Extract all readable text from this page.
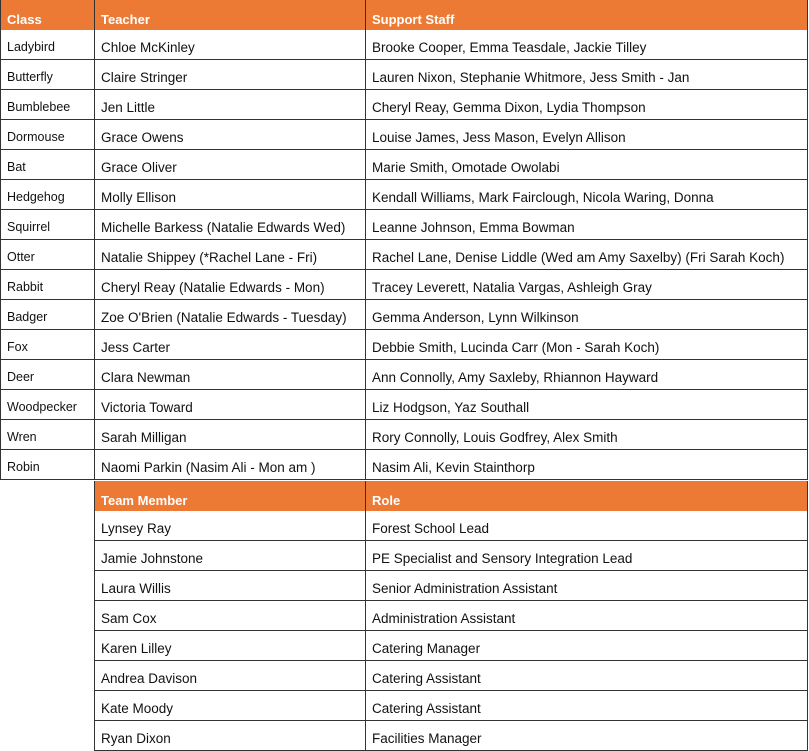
Class	Teacher	Support Staff
Ladybird	Chloe McKinley	Brooke Cooper, Emma Teasdale, Jackie Tilley
Butterfly	Claire Stringer	Lauren Nixon, Stephanie Whitmore, Jess Smith - Jan
Bumblebee	Jen Little	Cheryl Reay, Gemma Dixon, Lydia Thompson
Dormouse	Grace Owens	Louise James, Jess Mason, Evelyn Allison
Bat	Grace Oliver	Marie Smith, Omotade Owolabi
Hedgehog	Molly Ellison	Kendall Williams, Mark Fairclough, Nicola Waring, Donna
Squirrel	Michelle Barkess (Natalie Edwards Wed)	Leanne Johnson, Emma Bowman
Otter	Natalie Shippey (*Rachel Lane - Fri)	Rachel Lane, Denise Liddle (Wed am Amy Saxelby) (Fri Sarah Koch)
Rabbit	Cheryl Reay (Natalie Edwards - Mon)	Tracey Leverett, Natalia Vargas, Ashleigh Gray
Badger	Zoe O'Brien (Natalie Edwards - Tuesday)	Gemma Anderson, Lynn Wilkinson
Fox	Jess Carter	Debbie Smith, Lucinda Carr (Mon - Sarah Koch)
Deer	Clara Newman	Ann Connolly, Amy Saxleby, Rhiannon Hayward
Woodpecker	Victoria Toward	Liz Hodgson, Yaz Southall
Wren	Sarah Milligan	Rory Connolly, Louis Godfrey, Alex Smith
Robin	Naomi Parkin (Nasim Ali - Mon am )	Nasim Ali, Kevin Stainthorp
Team Member	Role
Lynsey Ray	Forest School Lead
Jamie Johnstone	PE Specialist and Sensory Integration Lead
Laura Willis	Senior Administration Assistant
Sam Cox	Administration Assistant
Karen Lilley	Catering Manager
Andrea Davison	Catering Assistant
Kate Moody	Catering Assistant
Ryan Dixon	Facilities Manager
